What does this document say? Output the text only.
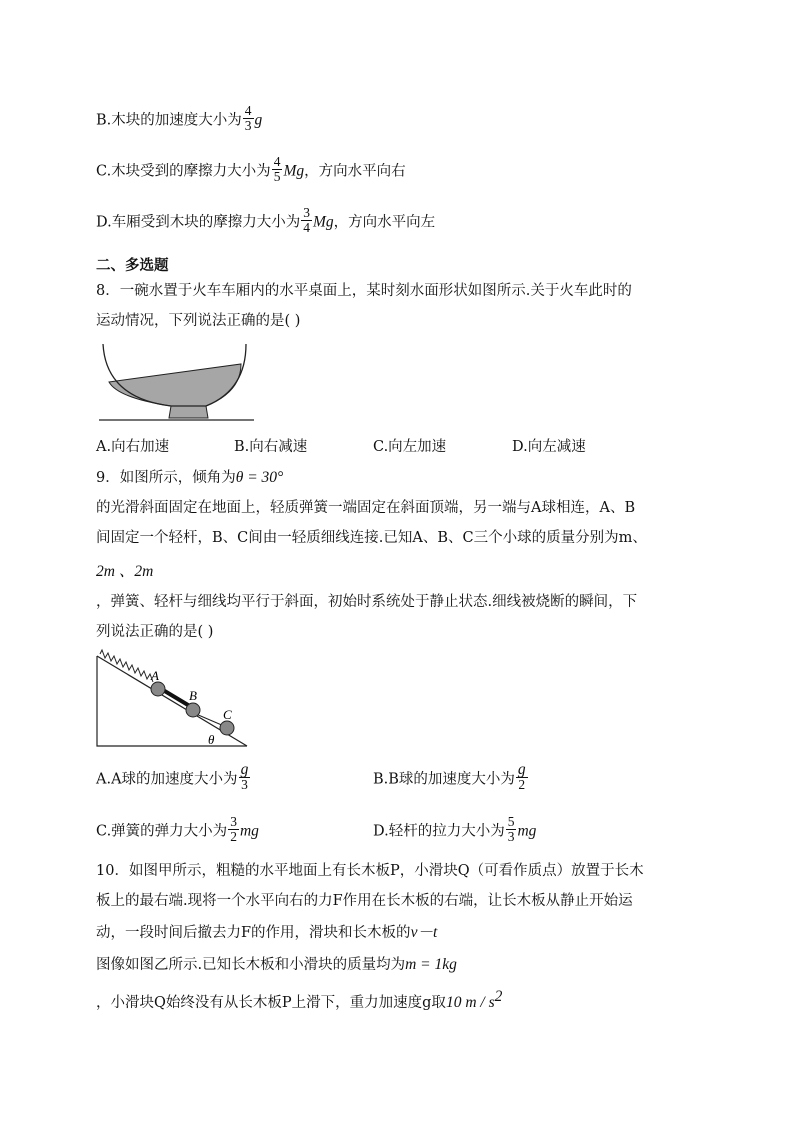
B.木块的加速度大小为 $\frac{4}{3}$ g
C.木块受到的摩擦力大小为 $\frac{4}{5}$ Mg，方向水平向右
D.车厢受到木块的摩擦力大小为 $\frac{3}{4}$ Mg，方向水平向左
二、多选题
8．一碗水置于火车车厢内的水平桌面上，某时刻水面形状如图所示.关于火车此时的
运动情况，下列说法正确的是( )
A.向右加速	B.向右减速	C.向左加速	D.向左减速
9．如图所示，倾角为θ = 30°
的光滑斜面固定在地面上，轻质弹簧一端固定在斜面顶端，另一端与A球相连，A、B
间固定一个轻杆，B、C间由一轻质细线连接.已知A、B、C三个小球的质量分别为m、
2m 、2m
，弹簧、轻杆与细线均平行于斜面，初始时系统处于静止状态.细线被烧断的瞬间，下
列说法正确的是( )
A
B
C
θ
A.A球的加速度大小为 $\frac{g}{3}$	B.B球的加速度大小为 $\frac{g}{2}$
C.弹簧的弹力大小为 $\frac{3}{2}$ mg	D.轻杆的拉力大小为 $\frac{5}{3}$ mg
10．如图甲所示，粗糙的水平地面上有长木板P，小滑块Q（可看作质点）放置于长木
板上的最右端.现将一个水平向右的力F作用在长木板的右端，让长木板从静止开始运
动，一段时间后撤去力F的作用，滑块和长木板的v－t
图像如图乙所示.已知长木板和小滑块的质量均为m = 1kg
，小滑块Q始终没有从长木板P上滑下，重力加速度g取10 m / $s^2$
